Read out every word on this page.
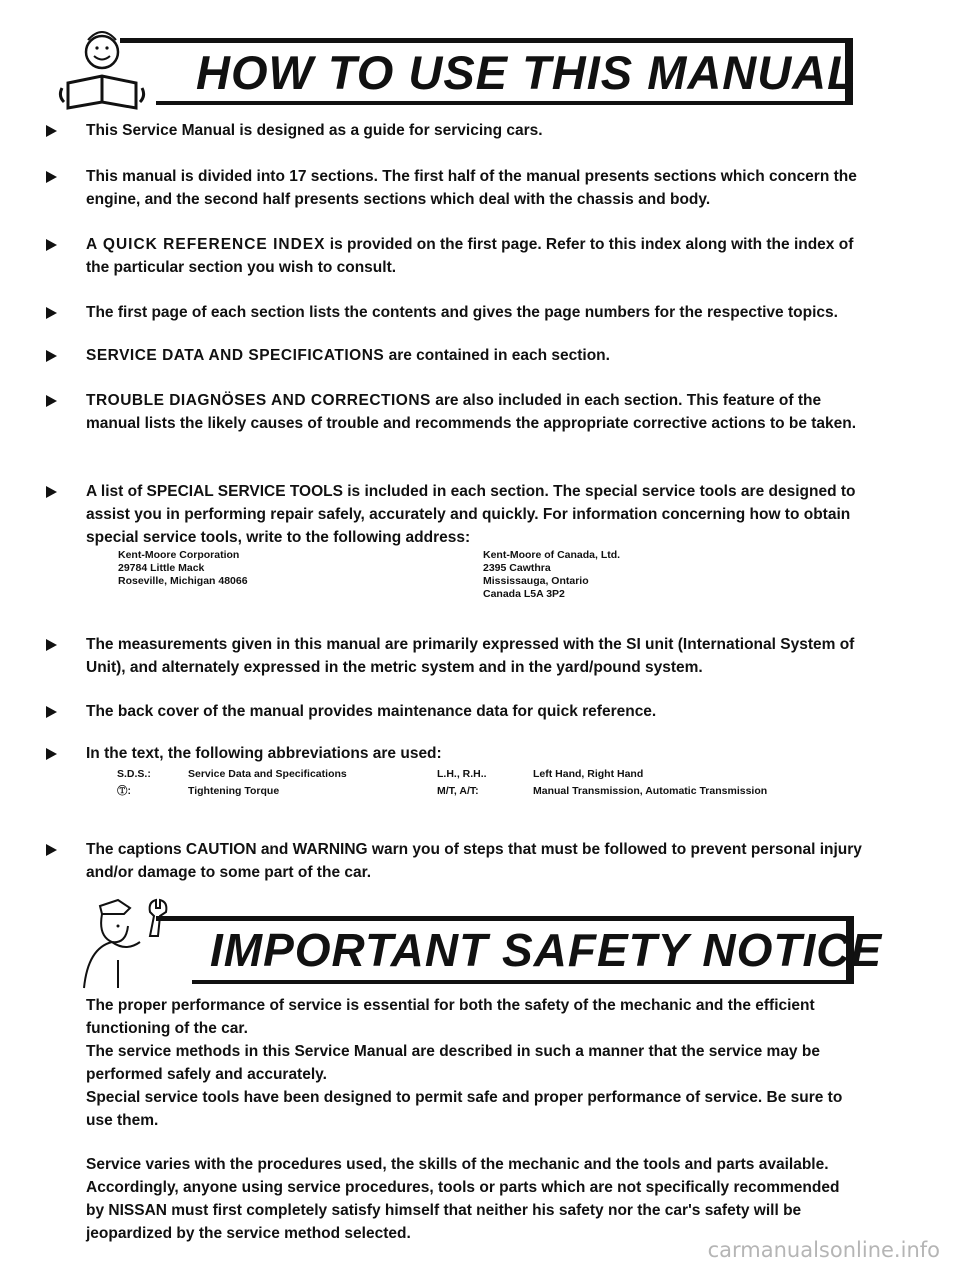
HOW TO USE THIS MANUAL
This Service Manual is designed as a guide for servicing cars.
This manual is divided into 17 sections. The first half of the manual presents sections which concern the engine, and the second half presents sections which deal with the chassis and body.
A QUICK REFERENCE INDEX is provided on the first page. Refer to this index along with the index of the particular section you wish to consult.
The first page of each section lists the contents and gives the page numbers for the respective topics.
SERVICE DATA AND SPECIFICATIONS are contained in each section.
TROUBLE DIAGNÖSES AND CORRECTIONS are also included in each section. This feature of the manual lists the likely causes of trouble and recommends the appropriate corrective actions to be taken.
A list of SPECIAL SERVICE TOOLS is included in each section. The special service tools are designed to assist you in performing repair safely, accurately and quickly. For information concerning how to obtain special service tools, write to the following address:
Kent-Moore Corporation
29784 Little Mack
Roseville, Michigan 48066
Kent-Moore of Canada, Ltd.
2395 Cawthra
Mississauga, Ontario
Canada L5A 3P2
The measurements given in this manual are primarily expressed with the SI unit (International System of Unit), and alternately expressed in the metric system and in the yard/pound system.
The back cover of the manual provides maintenance data for quick reference.
In the text, the following abbreviations are used:
S.D.S.:	Service Data and Specifications
Ⓣ:	Tightening Torque
L.H., R.H..	Left Hand, Right Hand
M/T, A/T:	Manual Transmission, Automatic Transmission
The captions CAUTION and WARNING warn you of steps that must be followed to prevent personal injury and/or damage to some part of the car.
IMPORTANT SAFETY NOTICE

The proper performance of service is essential for both the safety of the mechanic and the efficient functioning of the car.

The service methods in this Service Manual are described in such a manner that the service may be performed safely and accurately.

Special service tools have been designed to permit safe and proper performance of service. Be sure to use them.

Service varies with the procedures used, the skills of the mechanic and the tools and parts available. Accordingly, anyone using service procedures, tools or parts which are not specifically recommended by NISSAN must first completely satisfy himself that neither his safety nor the car's safety will be jeopardized by the service method selected.

carmanualsonline.info
